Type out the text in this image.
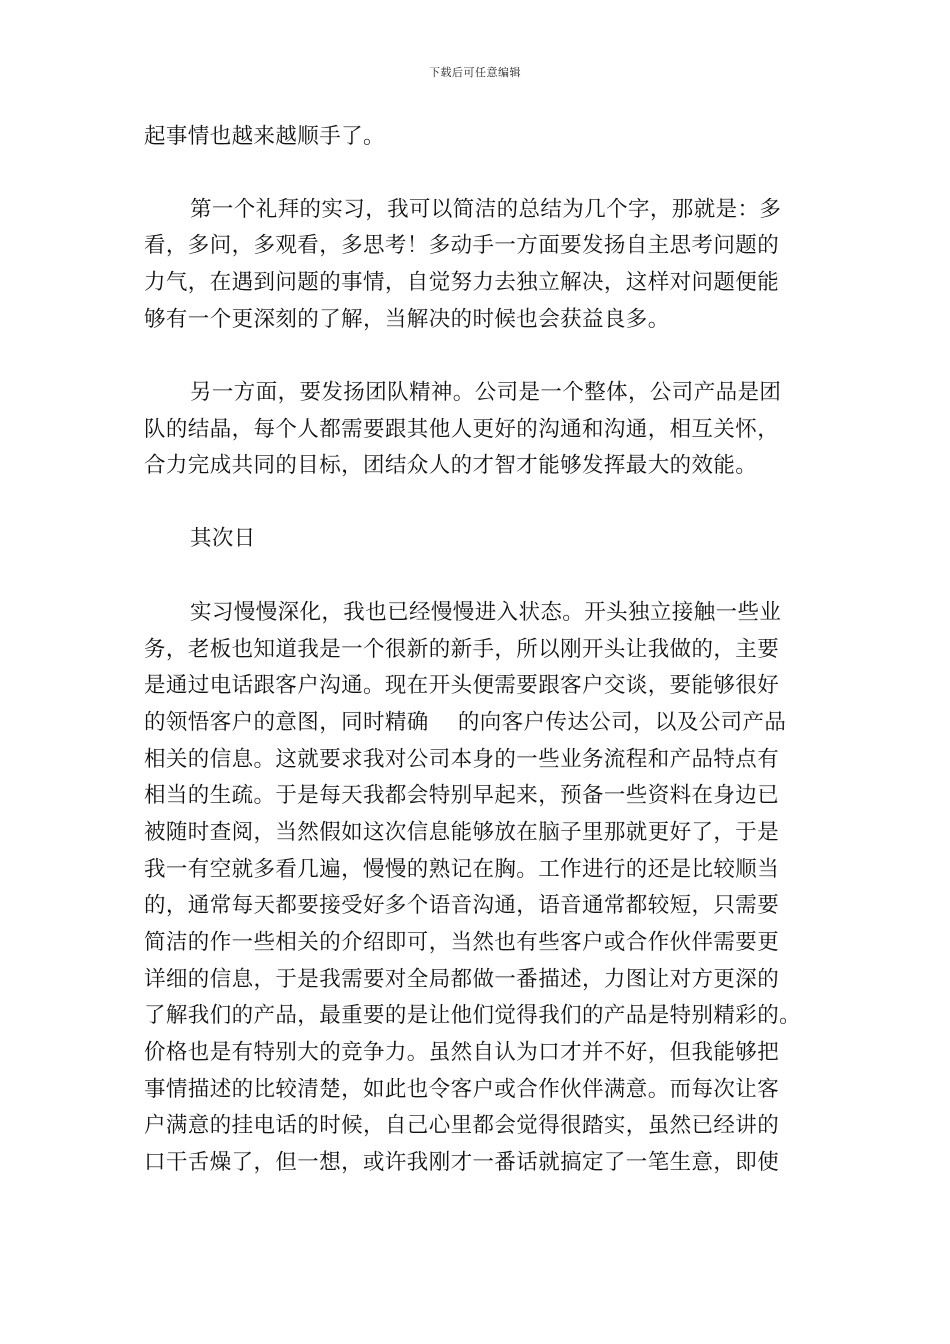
下载后可任意编辑
起事情也越来越顺手了。
第一个礼拜的实习，我可以简洁的总结为几个字，那就是：多
看，多问，多观看，多思考！多动手一方面要发扬自主思考问题的
力气，在遇到问题的事情，自觉努力去独立解决，这样对问题便能
够有一个更深刻的了解，当解决的时候也会获益良多。
另一方面，要发扬团队精神。公司是一个整体，公司产品是团
队的结晶，每个人都需要跟其他人更好的沟通和沟通，相互关怀，
合力完成共同的目标，团结众人的才智才能够发挥最大的效能。
其次日
实习慢慢深化，我也已经慢慢进入状态。开头独立接触一些业
务，老板也知道我是一个很新的新手，所以刚开头让我做的，主要
是通过电话跟客户沟通。现在开头便需要跟客户交谈，要能够很好
的领悟客户的意图，同时精确　 的向客户传达公司，以及公司产品
相关的信息。这就要求我对公司本身的一些业务流程和产品特点有
相当的生疏。于是每天我都会特别早起来，预备一些资料在身边已
被随时查阅，当然假如这次信息能够放在脑子里那就更好了，于是
我一有空就多看几遍，慢慢的熟记在胸。工作进行的还是比较顺当
的，通常每天都要接受好多个语音沟通，语音通常都较短，只需要
简洁的作一些相关的介绍即可，当然也有些客户或合作伙伴需要更
详细的信息，于是我需要对全局都做一番描述，力图让对方更深的
了解我们的产品，最重要的是让他们觉得我们的产品是特别精彩的。
价格也是有特别大的竞争力。虽然自认为口才并不好，但我能够把
事情描述的比较清楚，如此也令客户或合作伙伴满意。而每次让客
户满意的挂电话的时候，自己心里都会觉得很踏实，虽然已经讲的
口干舌燥了，但一想，或许我刚才一番话就搞定了一笔生意，即使
